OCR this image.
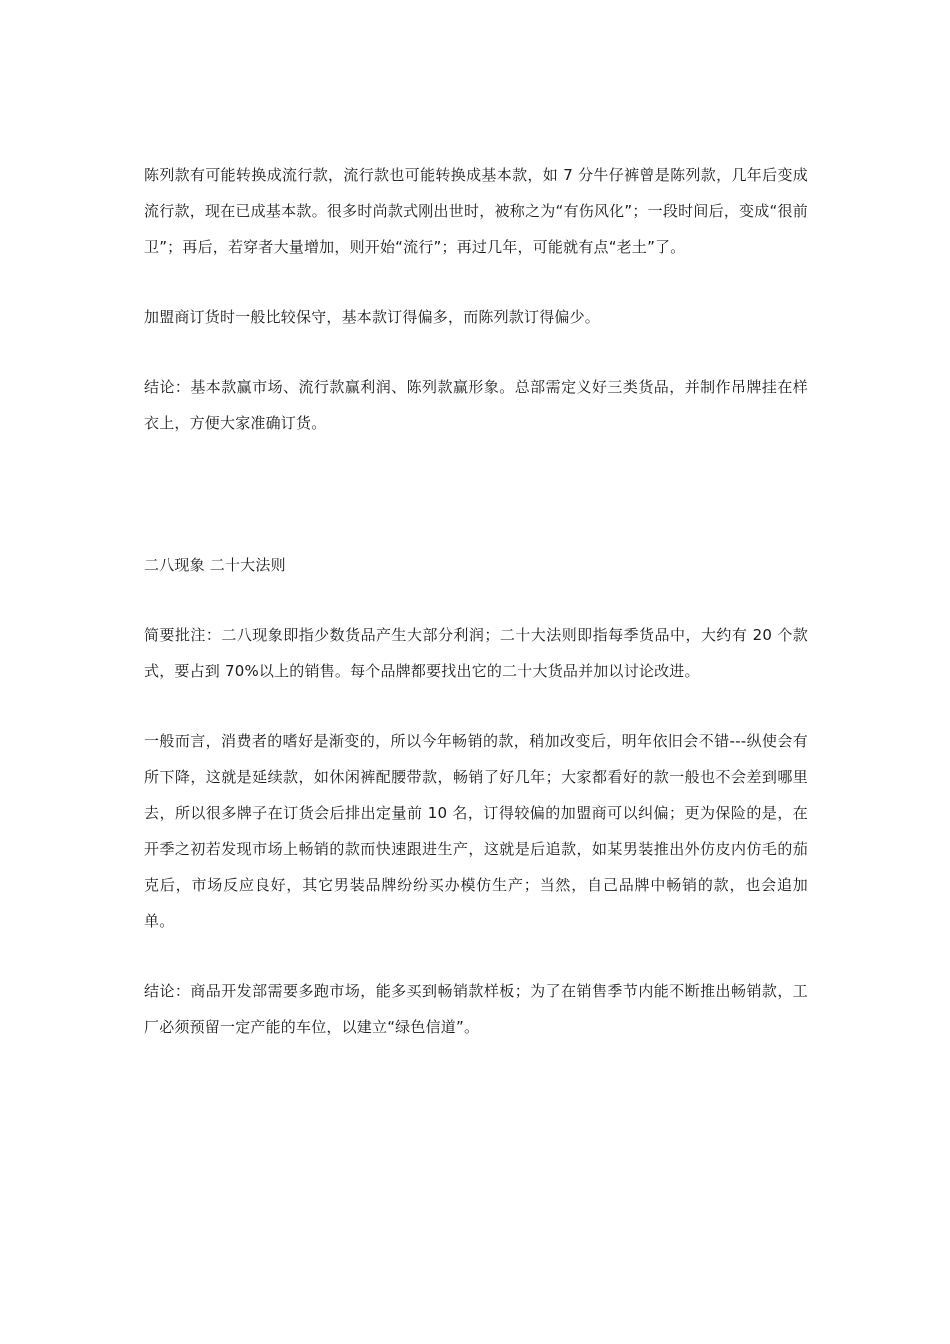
陈列款有可能转换成流行款，流行款也可能转换成基本款，如 7 分牛仔裤曾是陈列款，几年后变成流行款，现在已成基本款。很多时尚款式刚出世时，被称之为“有伤风化”；一段时间后，变成“很前卫”；再后，若穿者大量增加，则开始“流行”；再过几年，可能就有点“老土”了。

加盟商订货时一般比较保守，基本款订得偏多，而陈列款订得偏少。

结论：基本款赢市场、流行款赢利润、陈列款赢形象。总部需定义好三类货品，并制作吊牌挂在样衣上，方便大家准确订货。

二八现象 二十大法则

简要批注：二八现象即指少数货品产生大部分利润；二十大法则即指每季货品中，大约有 20 个款式，要占到 70%以上的销售。每个品牌都要找出它的二十大货品并加以讨论改进。

一般而言，消费者的嗜好是渐变的，所以今年畅销的款，稍加改变后，明年依旧会不错---纵使会有所下降，这就是延续款，如休闲裤配腰带款，畅销了好几年；大家都看好的款一般也不会差到哪里去，所以很多牌子在订货会后排出定量前 10 名，订得较偏的加盟商可以纠偏；更为保险的是，在开季之初若发现市场上畅销的款而快速跟进生产，这就是后追款，如某男装推出外仿皮内仿毛的茄克后，市场反应良好，其它男装品牌纷纷买办模仿生产；当然，自己品牌中畅销的款，也会追加单。

结论：商品开发部需要多跑市场，能多买到畅销款样板；为了在销售季节内能不断推出畅销款，工厂必须预留一定产能的车位，以建立“绿色信道”。
